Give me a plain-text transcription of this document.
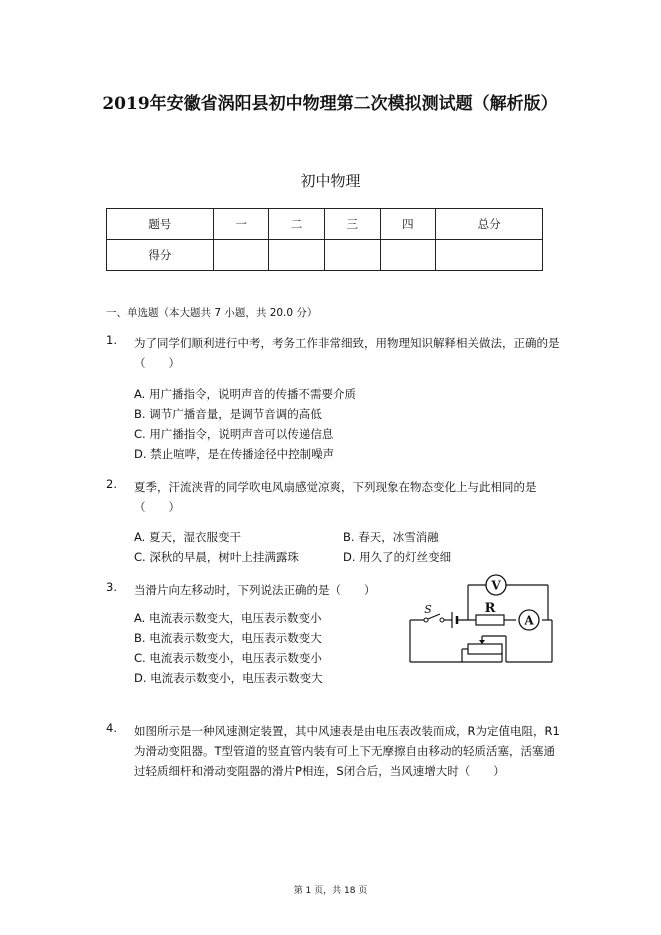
2019年安徽省涡阳县初中物理第二次模拟测试题（解析版）
初中物理
题号	一	二	三	四	总分
得分					
一、单选题（本大题共 7 小题，共 20.0 分）
1. 为了同学们顺利进行中考，考务工作非常细致，用物理知识解释相关做法，正确的是（　　）
A. 用广播指令，说明声音的传播不需要介质
B. 调节广播音量，是调节音调的高低
C. 用广播指令，说明声音可以传递信息
D. 禁止喧哗，是在传播途径中控制噪声
2. 夏季，汗流浃背的同学吹电风扇感觉凉爽，下列现象在物态变化上与此相同的是（　　）
A. 夏天，湿衣服变干	B. 春天，冰雪消融
C. 深秋的早晨，树叶上挂满露珠	D. 用久了的灯丝变细
3. 当滑片向左移动时，下列说法正确的是（　　）
A. 电流表示数变大，电压表示数变小
B. 电流表示数变大，电压表示数变大
C. 电流表示数变小，电压表示数变小
D. 电流表示数变小，电压表示数变大
V
A
R
S
4. 如图所示是一种风速测定装置，其中风速表是由电压表改装而成，R为定值电阻，R1为滑动变阻器。T型管道的竖直管内装有可上下无摩擦自由移动的轻质活塞，活塞通过轻质细杆和滑动变阻器的滑片P相连，S闭合后，当风速增大时（　　）
第 1 页，共 18 页
